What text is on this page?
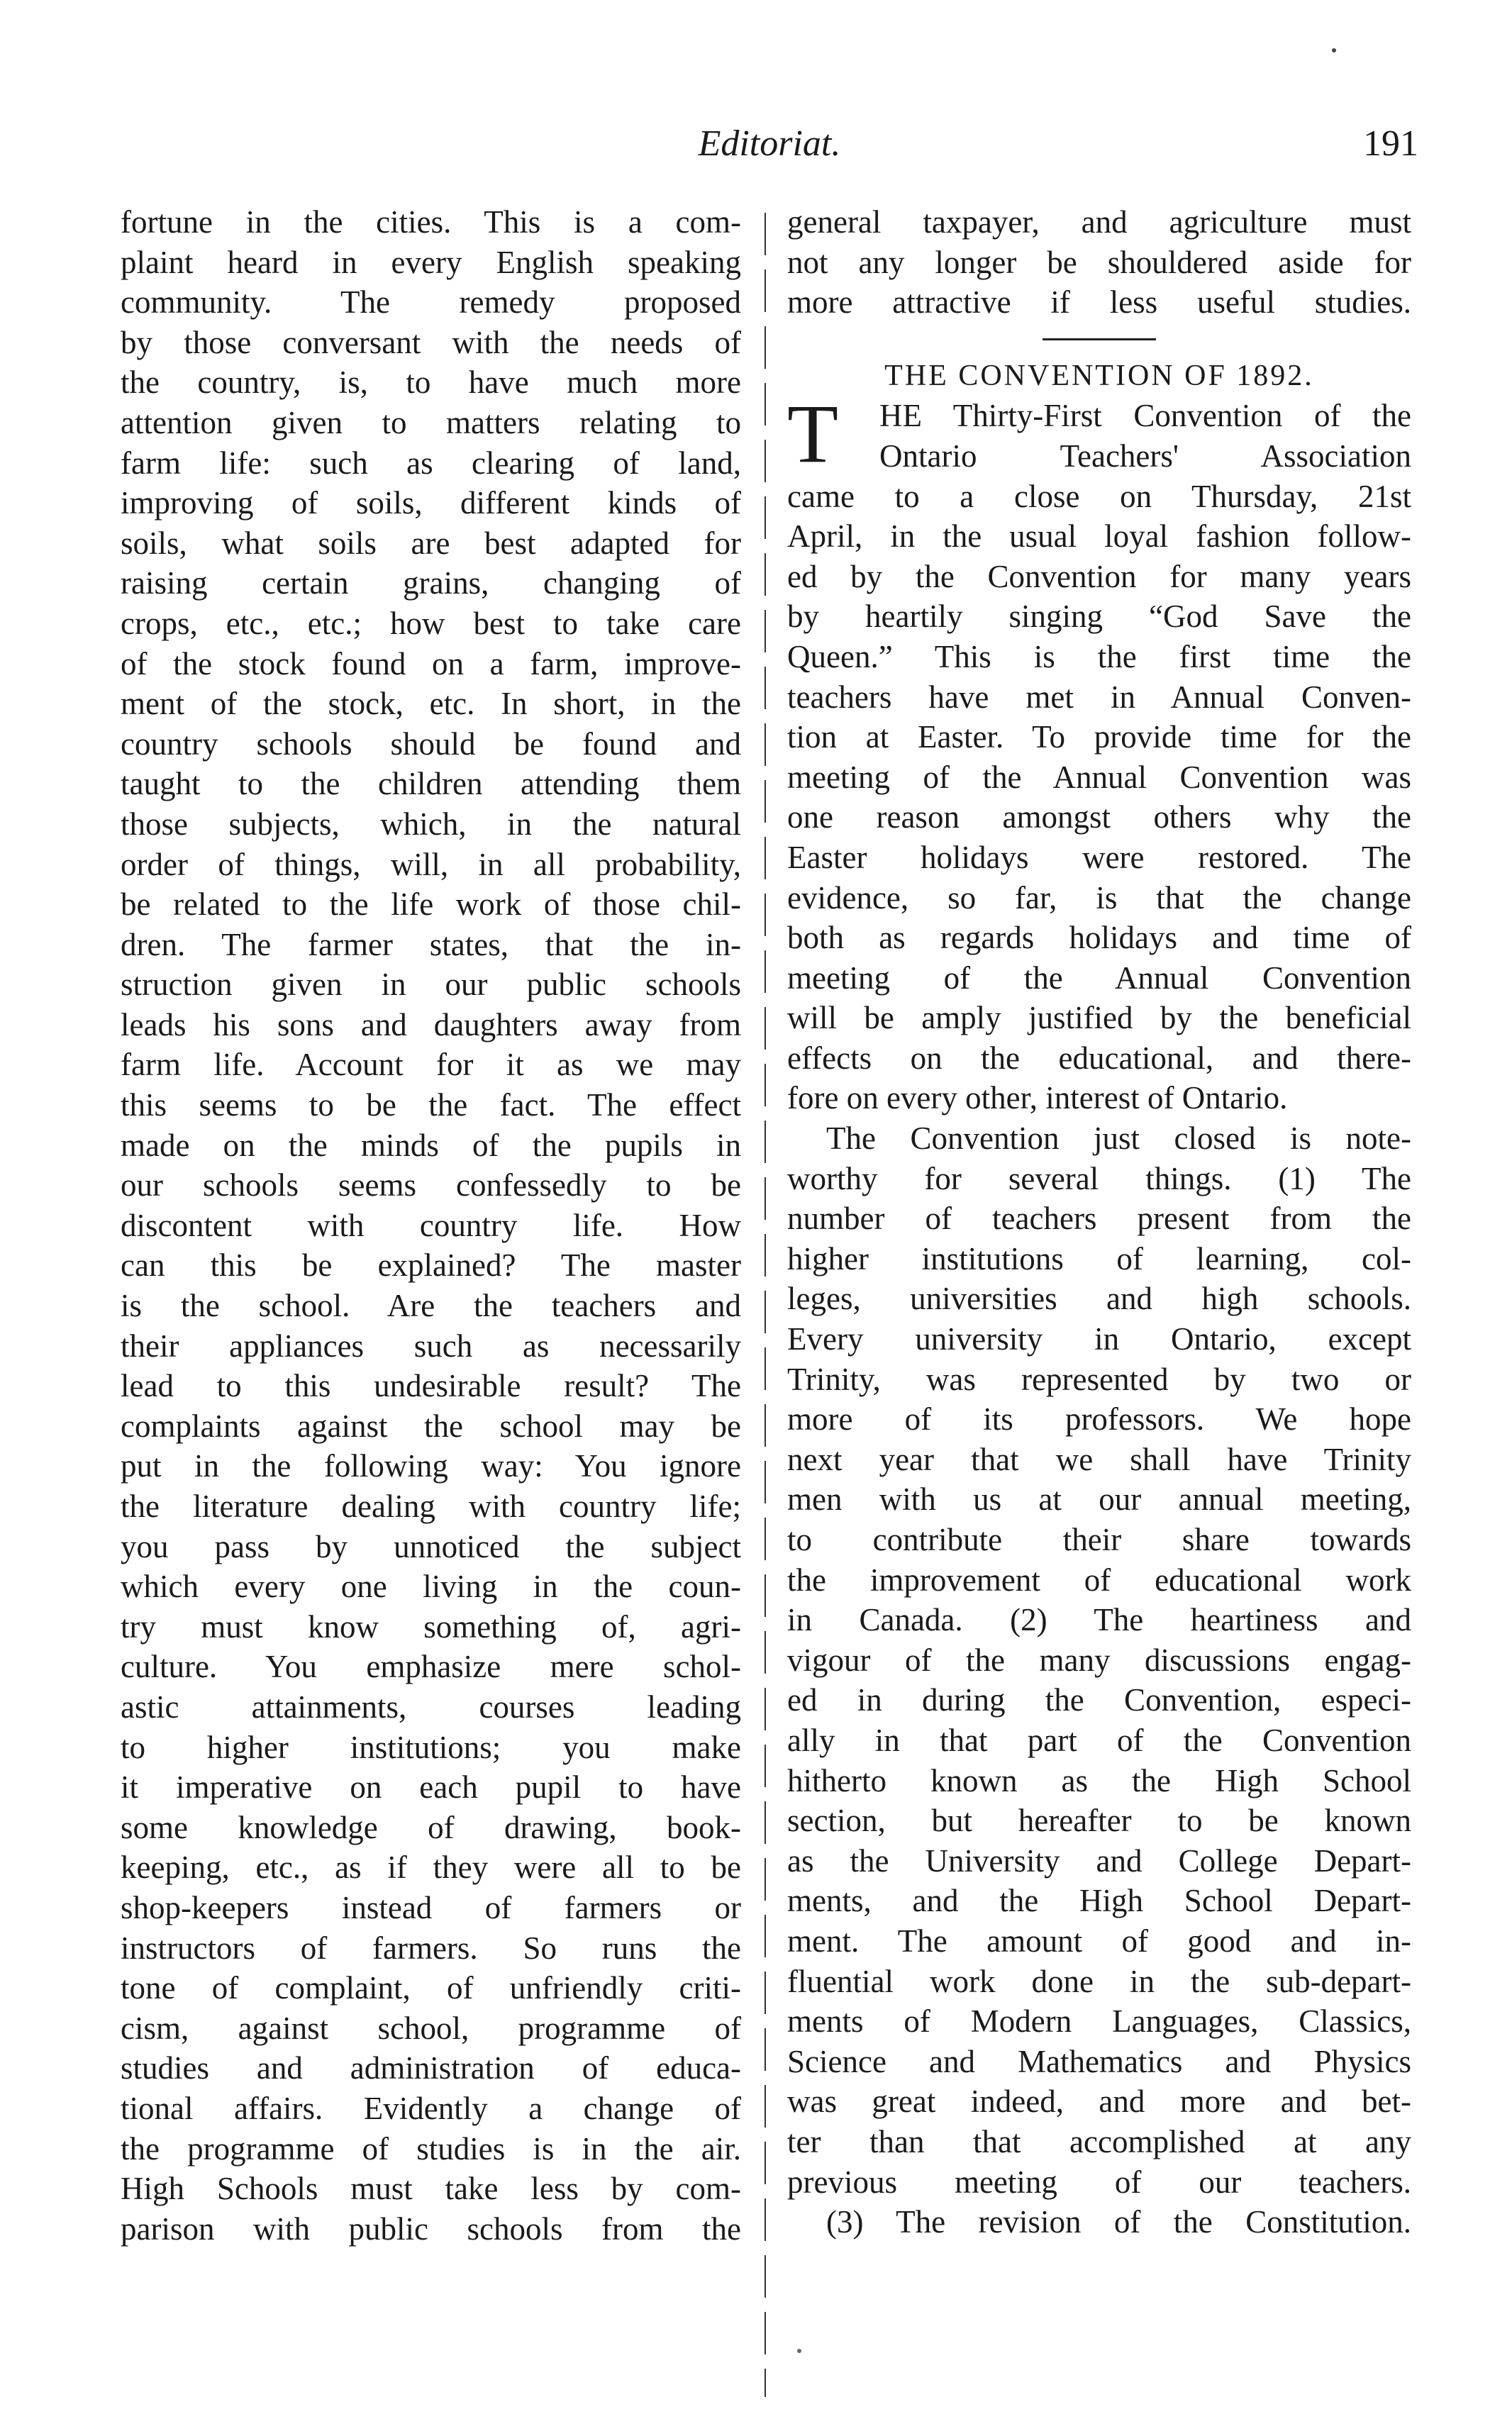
Editoriat.	191
fortune in the cities. This is a com-
plaint heard in every English speaking
community. The remedy proposed
by those conversant with the needs of
the country, is, to have much more
attention given to matters relating to
farm life: such as clearing of land,
improving of soils, different kinds of
soils, what soils are best adapted for
raising certain grains, changing of
crops, etc., etc.; how best to take care
of the stock found on a farm, improve-
ment of the stock, etc. In short, in the
country schools should be found and
taught to the children attending them
those subjects, which, in the natural
order of things, will, in all probability,
be related to the life work of those chil-
dren. The farmer states, that the in-
struction given in our public schools
leads his sons and daughters away from
farm life. Account for it as we may
this seems to be the fact. The effect
made on the minds of the pupils in
our schools seems confessedly to be
discontent with country life. How
can this be explained? The master
is the school. Are the teachers and
their appliances such as necessarily
lead to this undesirable result? The
complaints against the school may be
put in the following way: You ignore
the literature dealing with country life;
you pass by unnoticed the subject
which every one living in the coun-
try must know something of, agri-
culture. You emphasize mere schol-
astic attainments, courses leading
to higher institutions; you make
it imperative on each pupil to have
some knowledge of drawing, book-
keeping, etc., as if they were all to be
shop-keepers instead of farmers or
instructors of farmers. So runs the
tone of complaint, of unfriendly criti-
cism, against school, programme of
studies and administration of educa-
tional affairs. Evidently a change of
the programme of studies is in the air.
High Schools must take less by com-
parison with public schools from the
general taxpayer, and agriculture must
not any longer be shouldered aside for
more attractive if less useful studies.
THE CONVENTION OF 1892.
T	HE Thirty-First Convention of the
Ontario Teachers' Association
came to a close on Thursday, 21st
April, in the usual loyal fashion follow-
ed by the Convention for many years
by heartily singing “God Save the
Queen.” This is the first time the
teachers have met in Annual Conven-
tion at Easter. To provide time for the
meeting of the Annual Convention was
one reason amongst others why the
Easter holidays were restored. The
evidence, so far, is that the change
both as regards holidays and time of
meeting of the Annual Convention
will be amply justified by the beneficial
effects on the educational, and there-
fore on every other, interest of Ontario.
The Convention just closed is note-
worthy for several things. (1) The
number of teachers present from the
higher institutions of learning, col-
leges, universities and high schools.
Every university in Ontario, except
Trinity, was represented by two or
more of its professors. We hope
next year that we shall have Trinity
men with us at our annual meeting,
to contribute their share towards
the improvement of educational work
in Canada. (2) The heartiness and
vigour of the many discussions engag-
ed in during the Convention, especi-
ally in that part of the Convention
hitherto known as the High School
section, but hereafter to be known
as the University and College Depart-
ments, and the High School Depart-
ment. The amount of good and in-
fluential work done in the sub-depart-
ments of Modern Languages, Classics,
Science and Mathematics and Physics
was great indeed, and more and bet-
ter than that accomplished at any
previous meeting of our teachers.
(3) The revision of the Constitution.
